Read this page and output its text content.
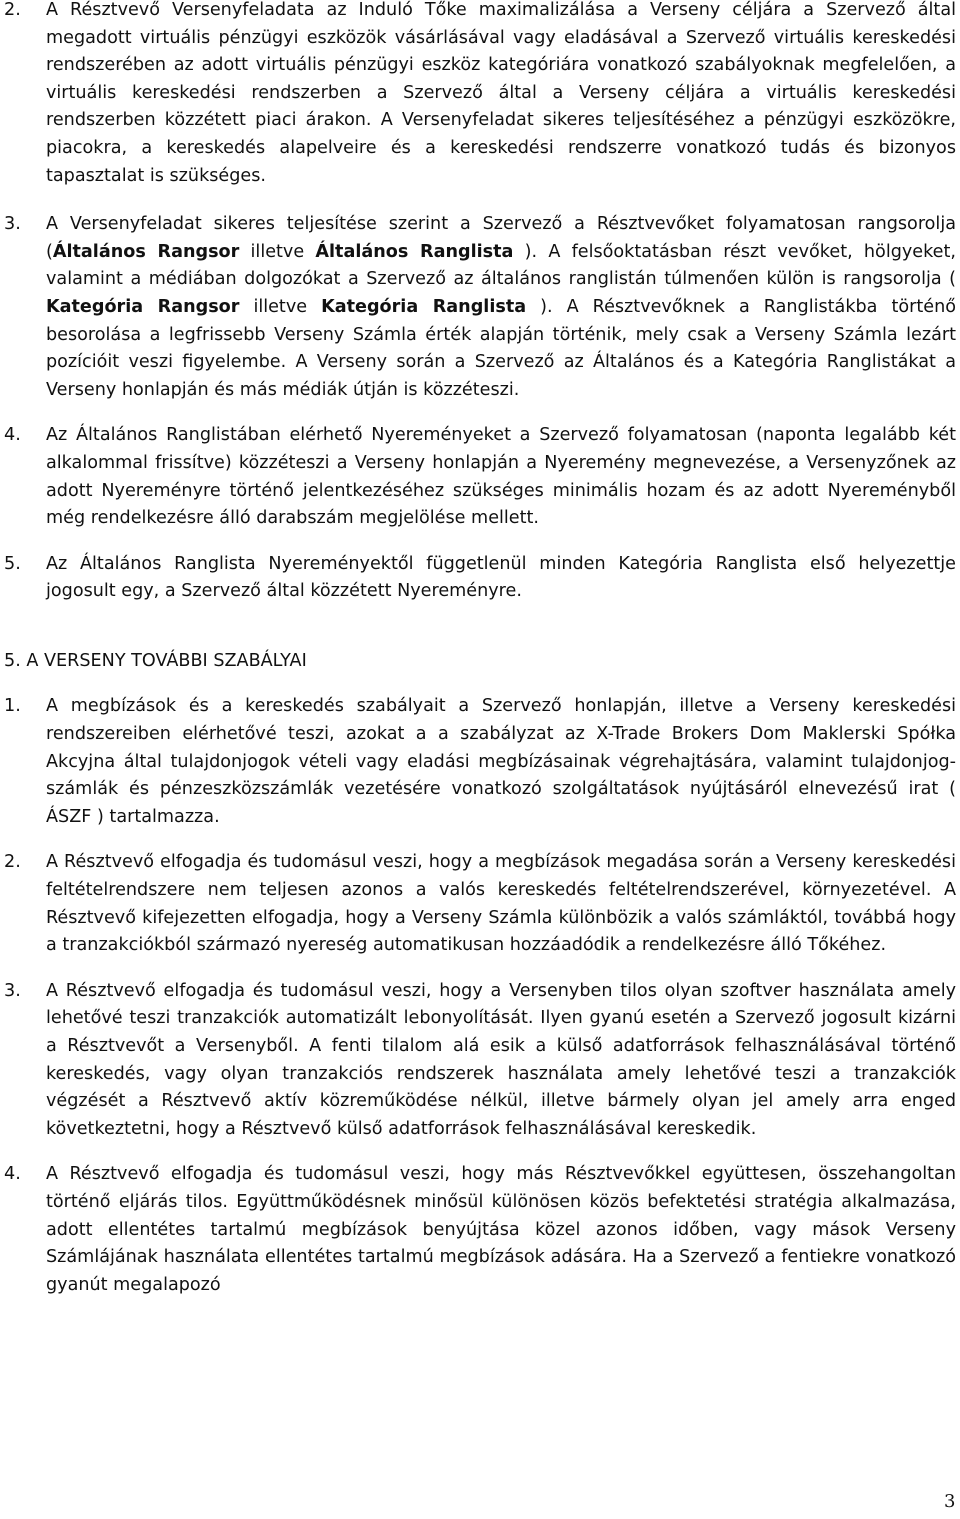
2. A Résztvevő Versenyfeladata az Induló Tőke maximalizálása a Verseny céljára a Szervező által megadott virtuális pénzügyi eszközök vásárlásával vagy eladásával a Szervező virtuális kereskedési rendszerében az adott virtuális pénzügyi eszköz kategóriára vonatkozó szabályoknak megfelelően, a virtuális kereskedési rendszerben a Szervező által a Verseny céljára a virtuális kereskedési rendszerben közzétett piaci árakon. A Versenyfeladat sikeres teljesítéséhez a pénzügyi eszközökre, piacokra, a kereskedés alapelveire és a kereskedési rendszerre vonatkozó tudás és bizonyos tapasztalat is szükséges.

3. A Versenyfeladat sikeres teljesítése szerint a Szervező a Résztvevőket folyamatosan rangsorolja (Általános Rangsor illetve Általános Ranglista ). A felsőoktatásban részt vevőket, hölgyeket, valamint a médiában dolgozókat a Szervező az általános ranglistán túlmenően külön is rangsorolja ( Kategória Rangsor illetve Kategória Ranglista ). A Résztvevőknek a Ranglistákba történő besorolása a legfrissebb Verseny Számla érték alapján történik, mely csak a Verseny Számla lezárt pozícióit veszi figyelembe. A Verseny során a Szervező az Általános és a Kategória Ranglistákat a Verseny honlapján és más médiák útján is közzéteszi.

4. Az Általános Ranglistában elérhető Nyereményeket a Szervező folyamatosan (naponta legalább két alkalommal frissítve) közzéteszi a Verseny honlapján a Nyeremény megnevezése, a Versenyzőnek az adott Nyereményre történő jelentkezéséhez szükséges minimális hozam és az adott Nyereményből még rendelkezésre álló darabszám megjelölése mellett.

5. Az Általános Ranglista Nyereményektől függetlenül minden Kategória Ranglista első helyezettje jogosult egy, a Szervező által közzétett Nyereményre.

5. A VERSENY TOVÁBBI SZABÁLYAI
1. A megbízások és a kereskedés szabályait a Szervező honlapján, illetve a Verseny kereskedési rendszereiben elérhetővé teszi, azokat a a szabályzat az X-Trade Brokers Dom Maklerski Spółka Akcyjna által tulajdonjogok vételi vagy eladási megbízásainak végrehajtására, valamint tulajdonjog-számlák és pénzeszközszámlák vezetésére vonatkozó szolgáltatások nyújtásáról elnevezésű irat ( ÁSZF ) tartalmazza.

2. A Résztvevő elfogadja és tudomásul veszi, hogy a megbízások megadása során a Verseny kereskedési feltételrendszere nem teljesen azonos a valós kereskedés feltételrendszerével, környezetével. A Résztvevő kifejezetten elfogadja, hogy a Verseny Számla különbözik a valós számláktól, továbbá hogy a tranzakciókból származó nyereség automatikusan hozzáadódik a rendelkezésre álló Tőkéhez.

3. A Résztvevő elfogadja és tudomásul veszi, hogy a Versenyben tilos olyan szoftver használata amely lehetővé teszi tranzakciók automatizált lebonyolítását. Ilyen gyanú esetén a Szervező jogosult kizárni a Résztvevőt a Versenyből. A fenti tilalom alá esik a külső adatforrások felhasználásával történő kereskedés, vagy olyan tranzakciós rendszerek használata amely lehetővé teszi a tranzakciók végzését a Résztvevő aktív közreműködése nélkül, illetve bármely olyan jel amely arra enged következtetni, hogy a Résztvevő külső adatforrások felhasználásával kereskedik.

4. A Résztvevő elfogadja és tudomásul veszi, hogy más Résztvevőkkel együttesen, összehangoltan történő eljárás tilos. Együttműködésnek minősül különösen közös befektetési stratégia alkalmazása, adott ellentétes tartalmú megbízások benyújtása közel azonos időben, vagy mások Verseny Számlájának használata ellentétes tartalmú megbízások adására. Ha a Szervező a fentiekre vonatkozó gyanút megalapozó

3
